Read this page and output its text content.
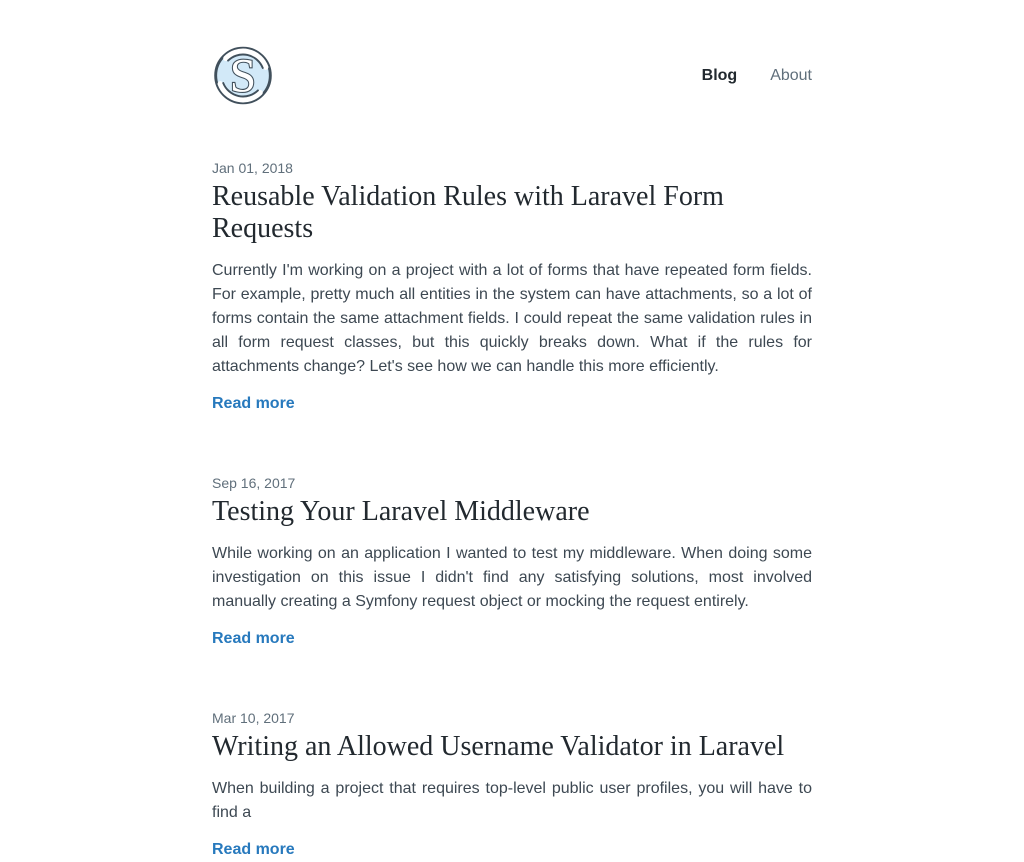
S	Blog About
Jan 01, 2018
Reusable Validation Rules with Laravel Form Requests

Currently I'm working on a project with a lot of forms that have repeated form fields. For example, pretty much all entities in the system can have attachments, so a lot of forms contain the same attachment fields. I could repeat the same validation rules in all form request classes, but this quickly breaks down. What if the rules for attachments change? Let's see how we can handle this more efficiently.

Read more
Sep 16, 2017
Testing Your Laravel Middleware

While working on an application I wanted to test my middleware. When doing some investigation on this issue I didn't find any satisfying solutions, most involved manually creating a Symfony request object or mocking the request entirely.

Read more
Mar 10, 2017
Writing an Allowed Username Validator in Laravel

When building a project that requires top-level public user profiles, you will have to find a

Read more
